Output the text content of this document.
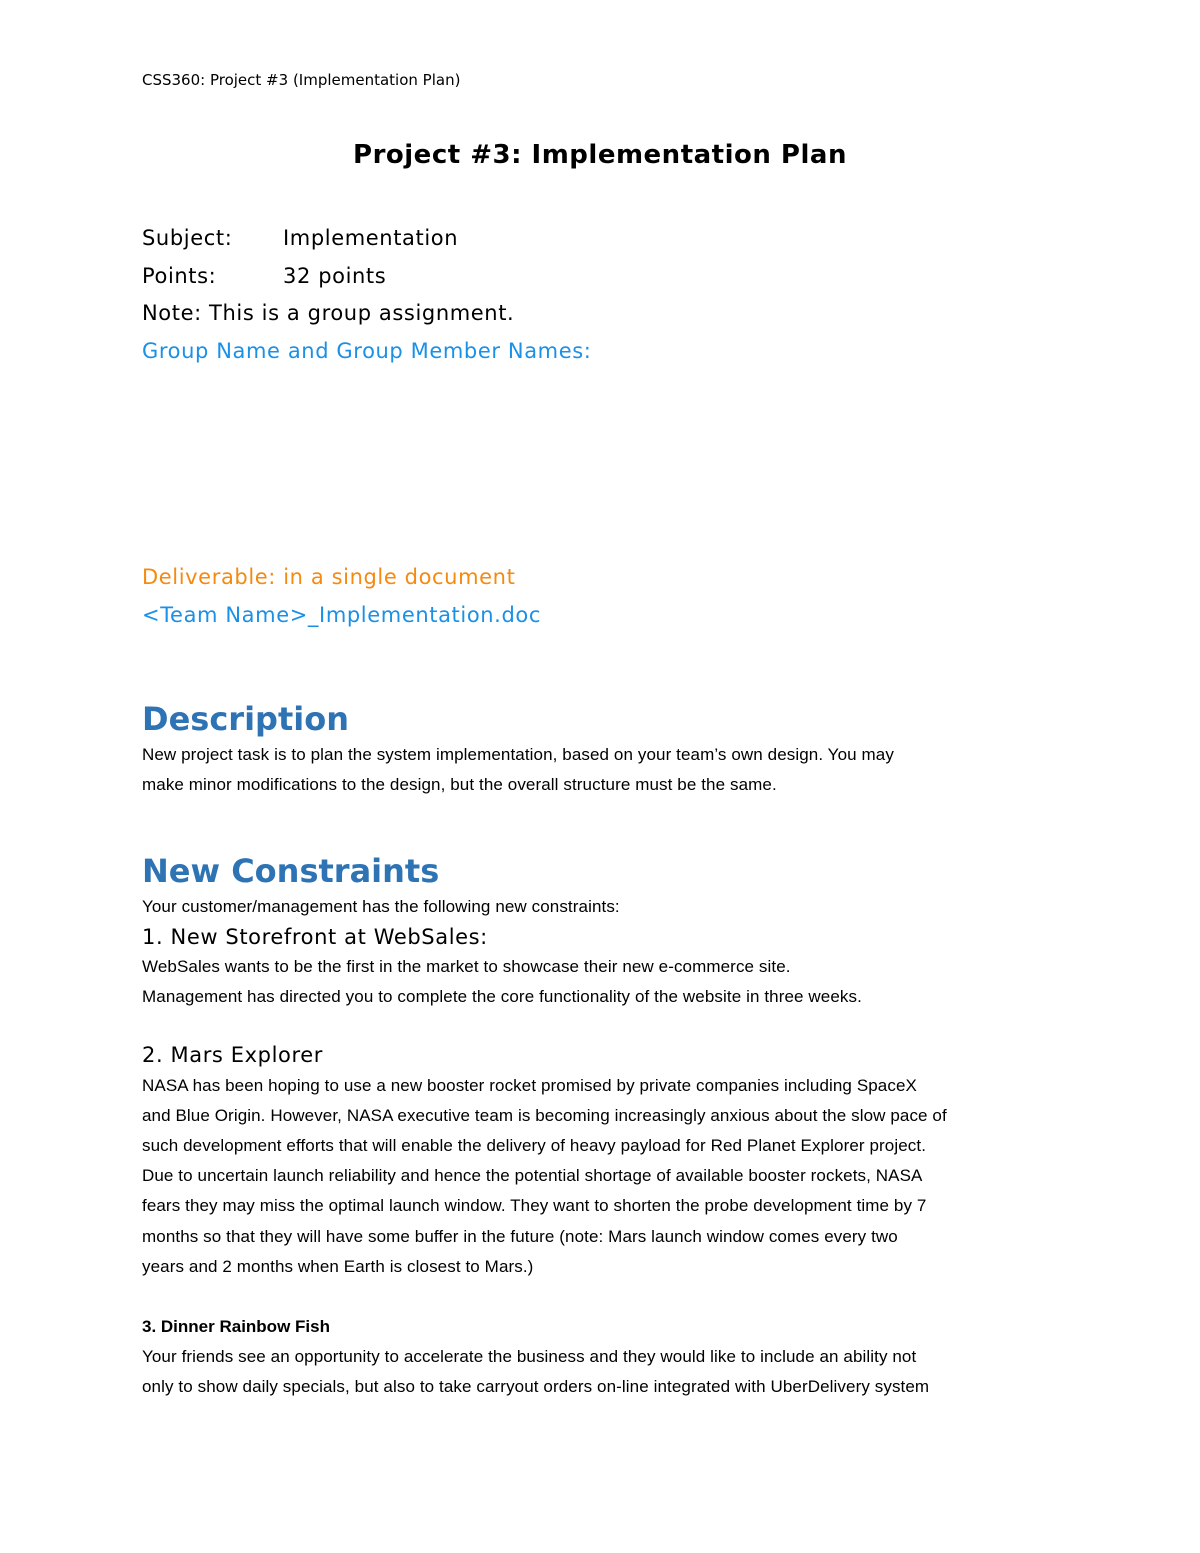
CSS360: Project #3 (Implementation Plan)
Project #3: Implementation Plan
Subject:	Implementation
Points:	32 points
Note: This is a group assignment.
Group Name and Group Member Names:
Deliverable: in a single document
<Team Name>_Implementation.doc
Description
New project task is to plan the system implementation, based on your team’s own design. You may
make minor modifications to the design, but the overall structure must be the same.
New Constraints
Your customer/management has the following new constraints:
1. New Storefront at WebSales:
WebSales wants to be the first in the market to showcase their new e-commerce site.
Management has directed you to complete the core functionality of the website in three weeks.
2. Mars Explorer
NASA has been hoping to use a new booster rocket promised by private companies including SpaceX
and Blue Origin. However, NASA executive team is becoming increasingly anxious about the slow pace of
such development efforts that will enable the delivery of heavy payload for Red Planet Explorer project.
Due to uncertain launch reliability and hence the potential shortage of available booster rockets, NASA
fears they may miss the optimal launch window. They want to shorten the probe development time by 7
months so that they will have some buffer in the future (note: Mars launch window comes every two
years and 2 months when Earth is closest to Mars.)
3. Dinner Rainbow Fish
Your friends see an opportunity to accelerate the business and they would like to include an ability not
only to show daily specials, but also to take carryout orders on-line integrated with UberDelivery system
